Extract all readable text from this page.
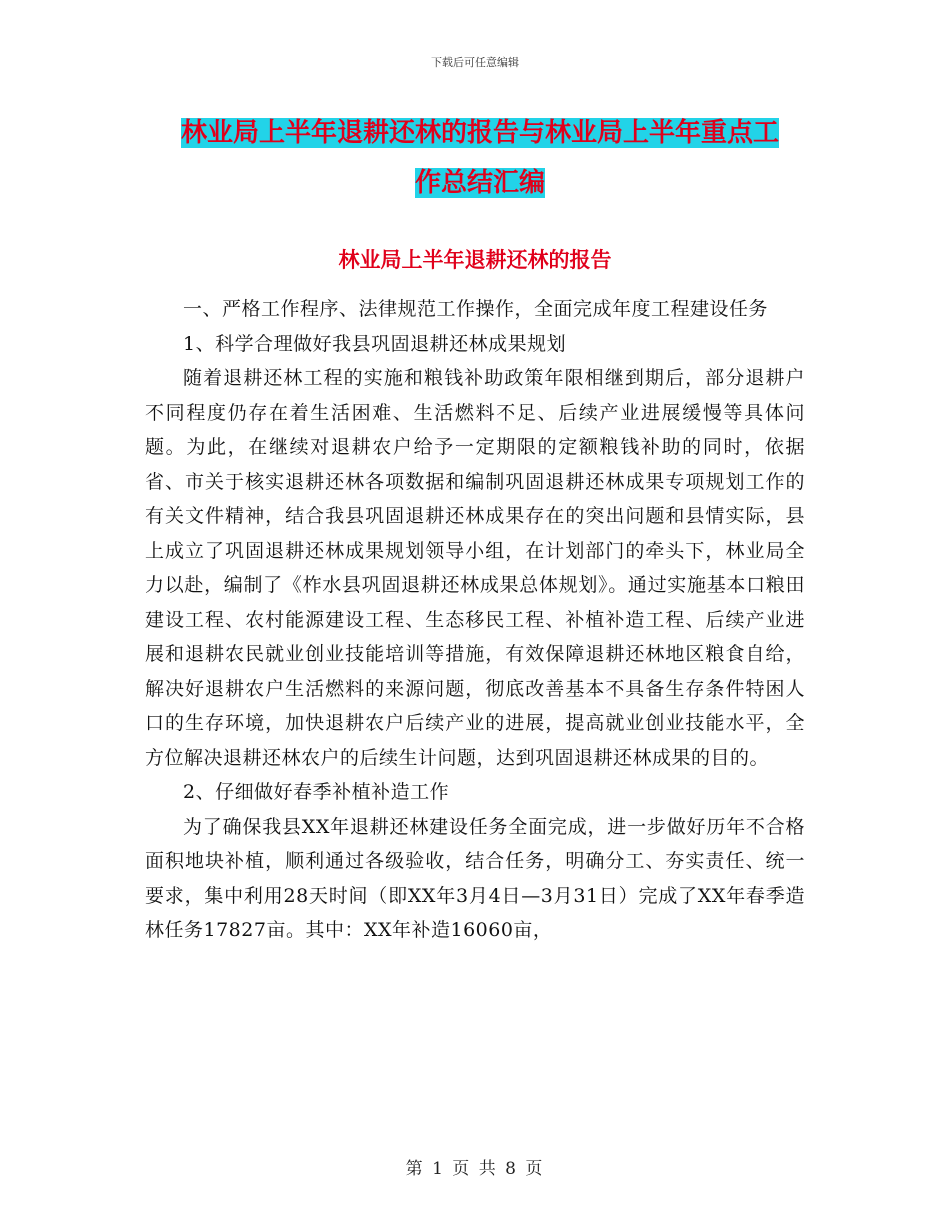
下载后可任意编辑
林业局上半年退耕还林的报告与林业局上半年重点工
作总结汇编
林业局上半年退耕还林的报告

一、严格工作程序、法律规范工作操作，全面完成年度工程建设任务

1、科学合理做好我县巩固退耕还林成果规划

随着退耕还林工程的实施和粮钱补助政策年限相继到期后，部分退耕户不同程度仍存在着生活困难、生活燃料不足、后续产业进展缓慢等具体问题。为此，在继续对退耕农户给予一定期限的定额粮钱补助的同时，依据省、市关于核实退耕还林各项数据和编制巩固退耕还林成果专项规划工作的有关文件精神，结合我县巩固退耕还林成果存在的突出问题和县情实际，县上成立了巩固退耕还林成果规划领导小组，在计划部门的牵头下，林业局全力以赴，编制了《柞水县巩固退耕还林成果总体规划》。通过实施基本口粮田建设工程、农村能源建设工程、生态移民工程、补植补造工程、后续产业进展和退耕农民就业创业技能培训等措施，有效保障退耕还林地区粮食自给，解决好退耕农户生活燃料的来源问题，彻底改善基本不具备生存条件特困人口的生存环境，加快退耕农户后续产业的进展，提高就业创业技能水平，全方位解决退耕还林农户的后续生计问题，达到巩固退耕还林成果的目的。

2、仔细做好春季补植补造工作

为了确保我县XX年退耕还林建设任务全面完成，进一步做好历年不合格面积地块补植，顺利通过各级验收，结合任务，明确分工、夯实责任、统一要求，集中利用28天时间（即XX年3月4日—3月31日）完成了XX年春季造林任务17827亩。其中：XX年补造16060亩，

第 1 页 共 8 页
